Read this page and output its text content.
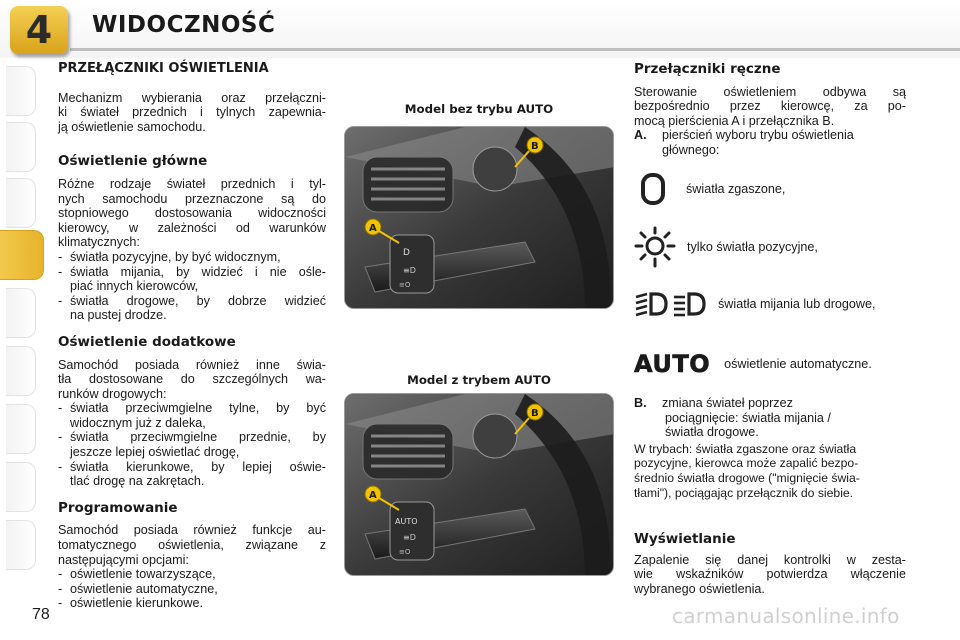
4 WIDOCZNOŚĆ
PRZEŁĄCZNIKI OŚWIETLENIA
Mechanizm wybierania oraz przełączni-
ki świateł przednich i tylnych zapewnia-
ją oświetlenie samochodu.
Oświetlenie główne
Różne rodzaje świateł przednich i tyl-
nych samochodu przeznaczone są do
stopniowego dostosowania widoczności
kierowcy, w zależności od warunków
klimatycznych:
- światła pozycyjne, by być widocznym,
- światła mijania, by widzieć i nie ośle-
piać innych kierowców,
- światła drogowe, by dobrze widzieć
na pustej drodze.
Oświetlenie dodatkowe
Samochód posiada również inne świa-
tła dostosowane do szczególnych wa-
runków drogowych:
- światła przeciwmgielne tylne, by być
widocznym już z daleka,
- światła przeciwmgielne przednie, by
jeszcze lepiej oświetlać drogę,
- światła kierunkowe, by lepiej oświe-
tlać drogę na zakrętach.
Programowanie
Samochód posiada również funkcje au-
tomatycznego oświetlenia, związane z
następującymi opcjami:
- oświetlenie towarzyszące,
- oświetlenie automatyczne,
- oświetlenie kierunkowe.
Model bez trybu AUTO
D
≡D
≡O
A
B
Model z trybem AUTO
AUTO
≡D
≡O
A
B
Przełączniki ręczne
Sterowanie oświetleniem odbywa są
bezpośrednio przez kierowcę, za po-
mocą pierścienia A i przełącznika B.
A.	pierścień wyboru trybu oświetlenia
głównego:
światła zgaszone,
tylko światła pozycyjne,
światła mijania lub drogowe,
AUTO oświetlenie automatyczne.
B.	zmiana świateł poprzez
pociągnięcie: światła mijania /
światła drogowe.
W trybach: światła zgaszone oraz światła
pozycyjne, kierowca może zapalić bezpo-
średnio światła drogowe ("mignięcie świa-
tłami"), pociągając przełącznik do siebie.
Wyświetlanie
Zapalenie się danej kontrolki w zesta-
wie wskaźników potwierdza włączenie
wybranego oświetlenia.
78	carmanualsonline.info
